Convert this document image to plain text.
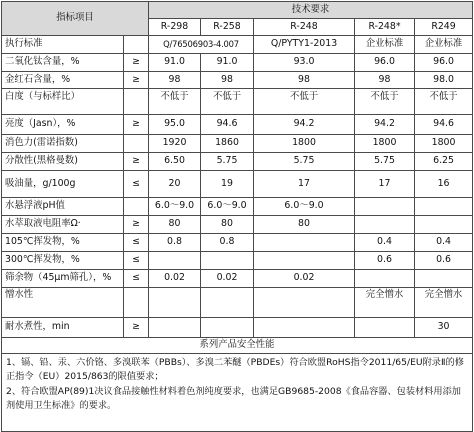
指标项目		技术要求				
		R-298	R-258	R-248	R-248*	R249
执行标准		Q/76506903-4.007		Q/PYTY1-2013	企业标准	企业标准
二氧化钛含量，%	≥	91.0	91.0	93.0	96.0	96.0
金红石含量，%	≥	98	98	98	98	98.0
白度（与标样比）		不低于	不低于	不低于	不低于	不低于
亮度（Jasn），%	≥	95.0	94.6	94.2	94.2	94.6
消色力(雷诺指数)		1920	1860	1800	1800	1800
分散性(黑格曼数)	≥	6.50	5.75	5.75	5.75	6.25
吸油量，g/100g	≤	20	19	17	17	16
水悬浮液pH值		6.0～9.0	6.0～9.0	6.0～9.0		
水萃取液电阻率Ω·	≥	80	80	80		
105℃挥发物，%	≤	0.8	0.8		0.4	0.4
300℃挥发物，%	≤				0.6	0.6
筛余物（45μm筛孔），%	≤	0.02	0.02	0.02		
憎水性					完全憎水	完全憎水
耐水煮性，min	≥					30
系列产品安全性能						

1、镉、铅、汞、六价铬、多溴联苯（PBBs）、多溴二苯醚（PBDEs）符合欧盟RoHS指令2011/65/EU附录Ⅱ的修正指令（EU）2015/863的限值要求；
2、符合欧盟AP(89)1决议食品接触性材料着色剂纯度要求，也满足GB9685-2008《食品容器、包装材料用添加剂使用卫生标准》的要求。						
